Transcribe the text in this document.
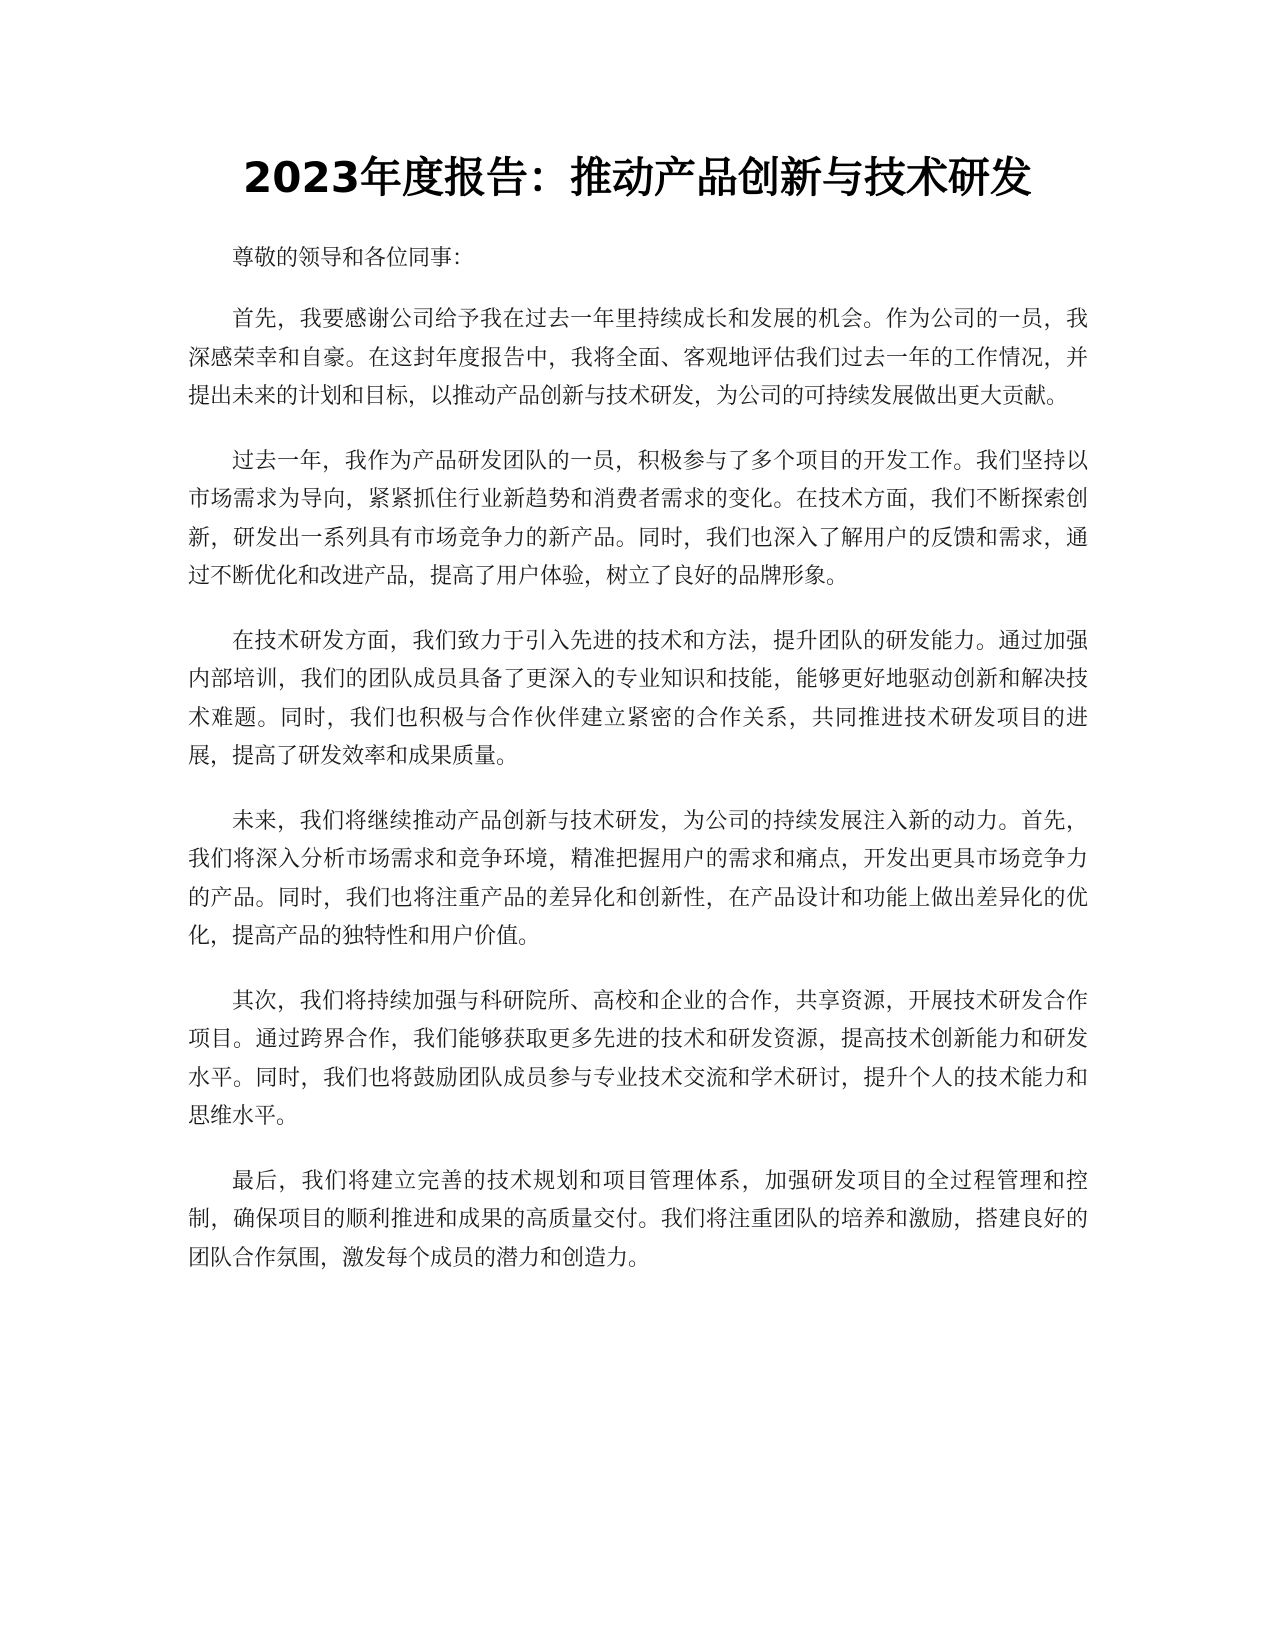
2023年度报告：推动产品创新与技术研发

尊敬的领导和各位同事：

首先，我要感谢公司给予我在过去一年里持续成长和发展的机会。作为公司的一员，我深感荣幸和自豪。在这封年度报告中，我将全面、客观地评估我们过去一年的工作情况，并提出未来的计划和目标，以推动产品创新与技术研发，为公司的可持续发展做出更大贡献。

过去一年，我作为产品研发团队的一员，积极参与了多个项目的开发工作。我们坚持以市场需求为导向，紧紧抓住行业新趋势和消费者需求的变化。在技术方面，我们不断探索创新，研发出一系列具有市场竞争力的新产品。同时，我们也深入了解用户的反馈和需求，通过不断优化和改进产品，提高了用户体验，树立了良好的品牌形象。

在技术研发方面，我们致力于引入先进的技术和方法，提升团队的研发能力。通过加强内部培训，我们的团队成员具备了更深入的专业知识和技能，能够更好地驱动创新和解决技术难题。同时，我们也积极与合作伙伴建立紧密的合作关系，共同推进技术研发项目的进展，提高了研发效率和成果质量。

未来，我们将继续推动产品创新与技术研发，为公司的持续发展注入新的动力。首先，我们将深入分析市场需求和竞争环境，精准把握用户的需求和痛点，开发出更具市场竞争力的产品。同时，我们也将注重产品的差异化和创新性，在产品设计和功能上做出差异化的优化，提高产品的独特性和用户价值。

其次，我们将持续加强与科研院所、高校和企业的合作，共享资源，开展技术研发合作项目。通过跨界合作，我们能够获取更多先进的技术和研发资源，提高技术创新能力和研发水平。同时，我们也将鼓励团队成员参与专业技术交流和学术研讨，提升个人的技术能力和思维水平。

最后，我们将建立完善的技术规划和项目管理体系，加强研发项目的全过程管理和控制，确保项目的顺利推进和成果的高质量交付。我们将注重团队的培养和激励，搭建良好的团队合作氛围，激发每个成员的潜力和创造力。
